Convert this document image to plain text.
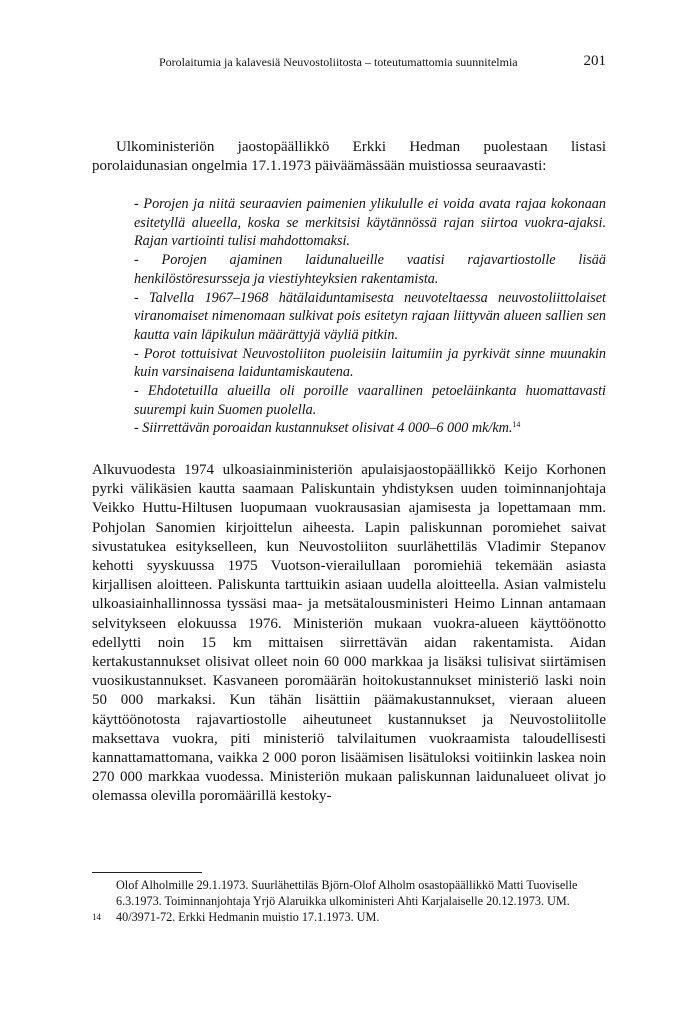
Porolaitumia ja kalavesiä Neuvostoliitosta – toteutumattomia suunnitelmia	201

Ulkoministeriön jaostopäällikkö Erkki Hedman puolestaan listasi porolaidunasian ongelmia 17.1.1973 päiväämässään muistiossa seuraavasti:

- Porojen ja niitä seuraavien paimenien ylikululle ei voida avata rajaa kokonaan esitetyllä alueella, koska se merkitsisi käytännössä rajan siirtoa vuokra-ajaksi. Rajan vartiointi tulisi mahdottomaksi.

- Porojen ajaminen laidunalueille vaatisi rajavartiostolle lisää henkilöstöresursseja ja viestiyhteyksien rakentamista.

- Talvella 1967–1968 hätälaiduntamisesta neuvoteltaessa neuvostoliittolaiset viranomaiset nimenomaan sulkivat pois esitetyn rajaan liittyvän alueen sallien sen kautta vain läpikulun määrättyjä väyliä pitkin.

- Porot tottuisivat Neuvostoliiton puoleisiin laitumiin ja pyrkivät sinne muunakin kuin varsinaisena laiduntamiskautena.

- Ehdotetuilla alueilla oli poroille vaarallinen petoeläinkanta huomattavasti suurempi kuin Suomen puolella.

- Siirrettävän poroaidan kustannukset olisivat 4 000–6 000 mk/km.$^{14}$

Alkuvuodesta 1974 ulkoasiainministeriön apulaisjaostopäällikkö Keijo Korhonen pyrki välikäsien kautta saamaan Paliskuntain yhdistyksen uuden toiminnanjohtaja Veikko Huttu-Hiltusen luopumaan vuokrausasian ajamisesta ja lopettamaan mm. Pohjolan Sanomien kirjoittelun aiheesta. Lapin paliskunnan poromiehet saivat sivustatukea esitykselleen, kun Neuvostoliiton suurlähettiläs Vladimir Stepanov kehotti syyskuussa 1975 Vuotson-vierailullaan poromiehiä tekemään asiasta kirjallisen aloitteen. Paliskunta tarttuikin asiaan uudella aloitteella. Asian valmistelu ulkoasiainhallinnossa tyssäsi maa- ja metsätalousministeri Heimo Linnan antamaan selvitykseen elokuussa 1976. Ministeriön mukaan vuokra-alueen käyttöönotto edellytti noin 15 km mittaisen siirrettävän aidan rakentamista. Aidan kertakustannukset olisivat olleet noin 60 000 markkaa ja lisäksi tulisivat siirtämisen vuosikustannukset. Kasvaneen poromäärän hoitokustannukset ministeriö laski noin 50 000 markaksi. Kun tähän lisättiin päämakustannukset, vieraan alueen käyttöönotosta rajavartiostolle aiheutuneet kustannukset ja Neuvostoliitolle maksettava vuokra, piti ministeriö talvilaitumen vuokraamista taloudellisesti kannattamattomana, vaikka 2 000 poron lisäämisen lisätuloksi voitiinkin laskea noin 270 000 markkaa vuodessa. Ministeriön mukaan paliskunnan laidunalueet olivat jo olemassa olevilla poromäärillä kestoky-

Olof Alholmille 29.1.1973. Suurlähettiläs Björn-Olof Alholm osastopäällikkö Matti Tuoviselle 6.3.1973. Toiminnanjohtaja Yrjö Alaruikka ulkoministeri Ahti Karjalaiselle 20.12.1973. UM.

14	40/3971-72. Erkki Hedmanin muistio 17.1.1973. UM.
